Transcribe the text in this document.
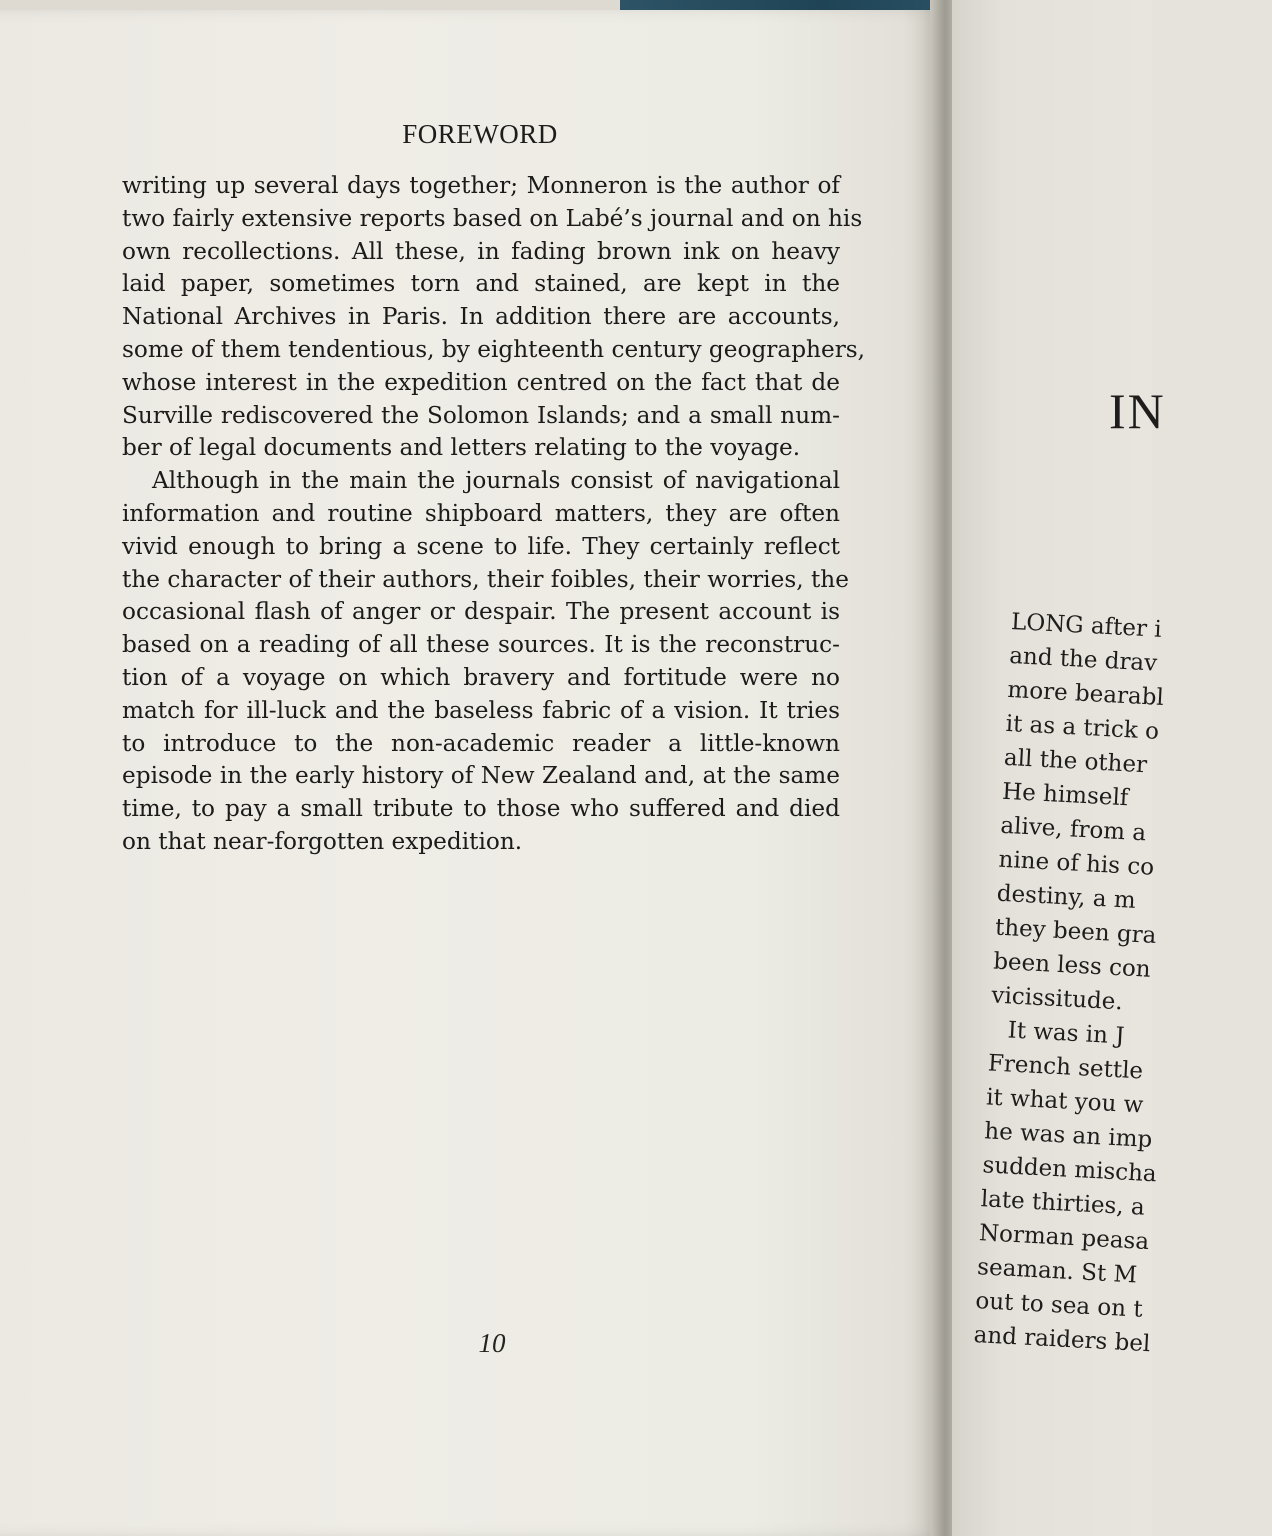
FOREWORD
writing up several days together; Monneron is the author of
two fairly extensive reports based on Labé’s journal and on his
own recollections. All these, in fading brown ink on heavy
laid paper, sometimes torn and stained, are kept in the
National Archives in Paris. In addition there are accounts,
some of them tendentious, by eighteenth century geographers,
whose interest in the expedition centred on the fact that de
Surville rediscovered the Solomon Islands; and a small num-
ber of legal documents and letters relating to the voyage.
Although in the main the journals consist of navigational
information and routine shipboard matters, they are often
vivid enough to bring a scene to life. They certainly reflect
the character of their authors, their foibles, their worries, the
occasional flash of anger or despair. The present account is
based on a reading of all these sources. It is the reconstruc-
tion of a voyage on which bravery and fortitude were no
match for ill-luck and the baseless fabric of a vision. It tries
to introduce to the non-academic reader a little-known
episode in the early history of New Zealand and, at the same
time, to pay a small tribute to those who suffered and died
on that near-forgotten expedition.
10
IN
LONG after i
and the drav
more bearabl
it as a trick o
all the other
He himself
alive, from a
nine of his co
destiny, a m
they been gra
been less con
vicissitude.
It was in J
French settle
it what you w
he was an imp
sudden mischa
late thirties, a
Norman peasa
seaman. St M
out to sea on t
and raiders bel
